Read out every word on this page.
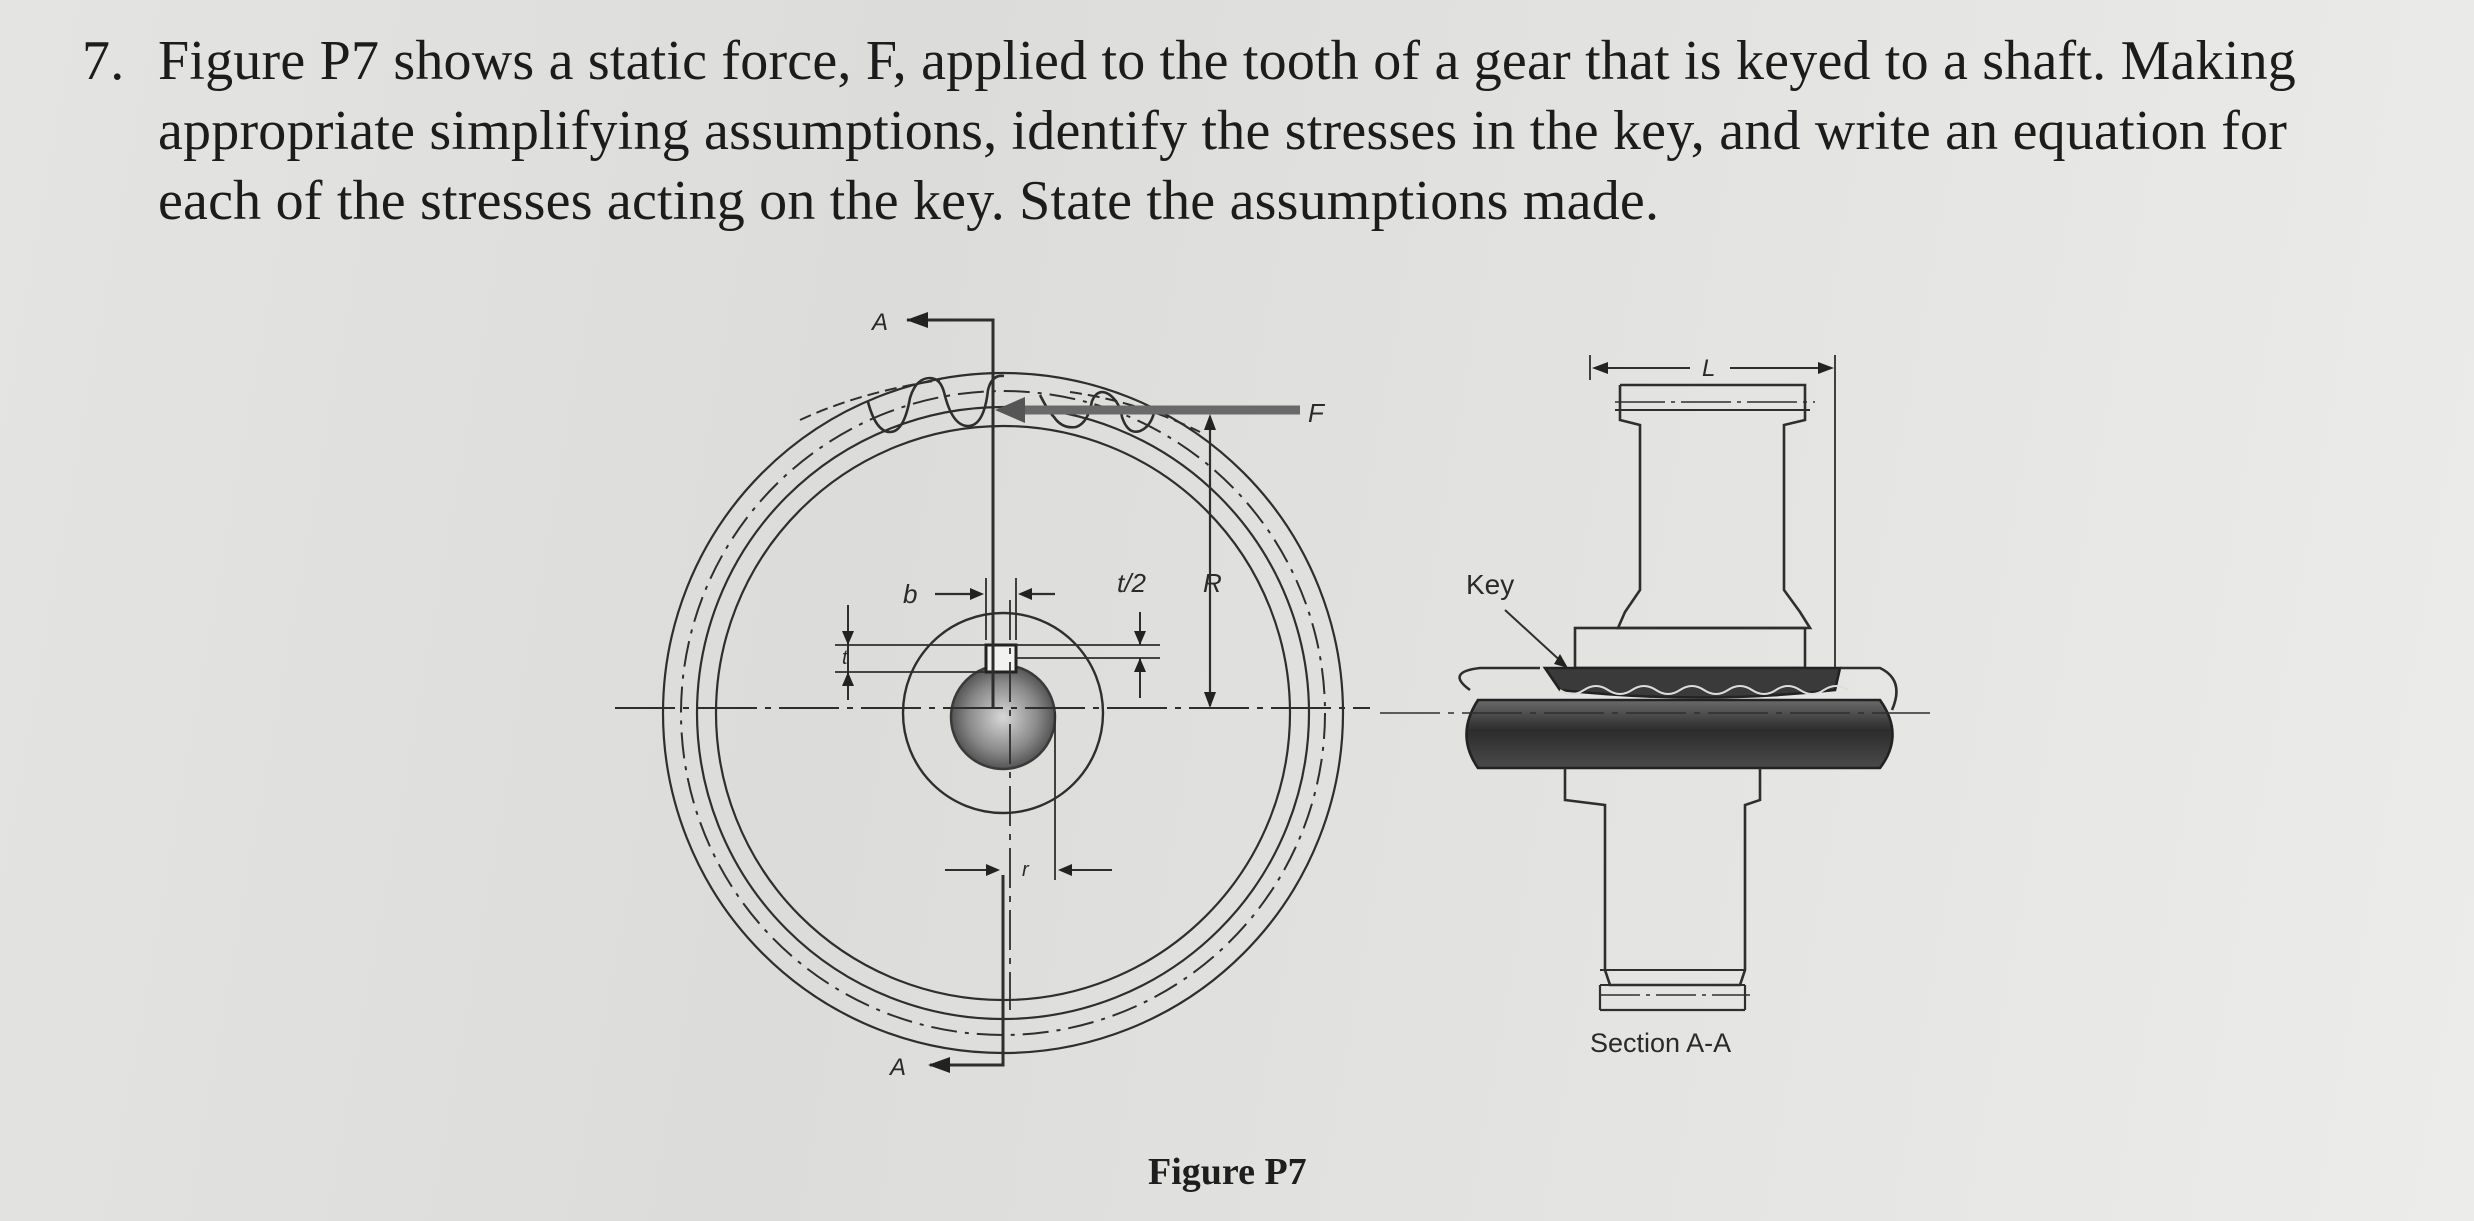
7. Figure P7 shows a static force, F, applied to the tooth of a gear that is keyed to a shaft. Making
appropriate simplifying assumptions, identify the stresses in the key, and write an equation for
each of the stresses acting on the key. State the assumptions made.
A
A
F
b	t/2
t
R
r
L
Key
Section A-A
Figure P7
